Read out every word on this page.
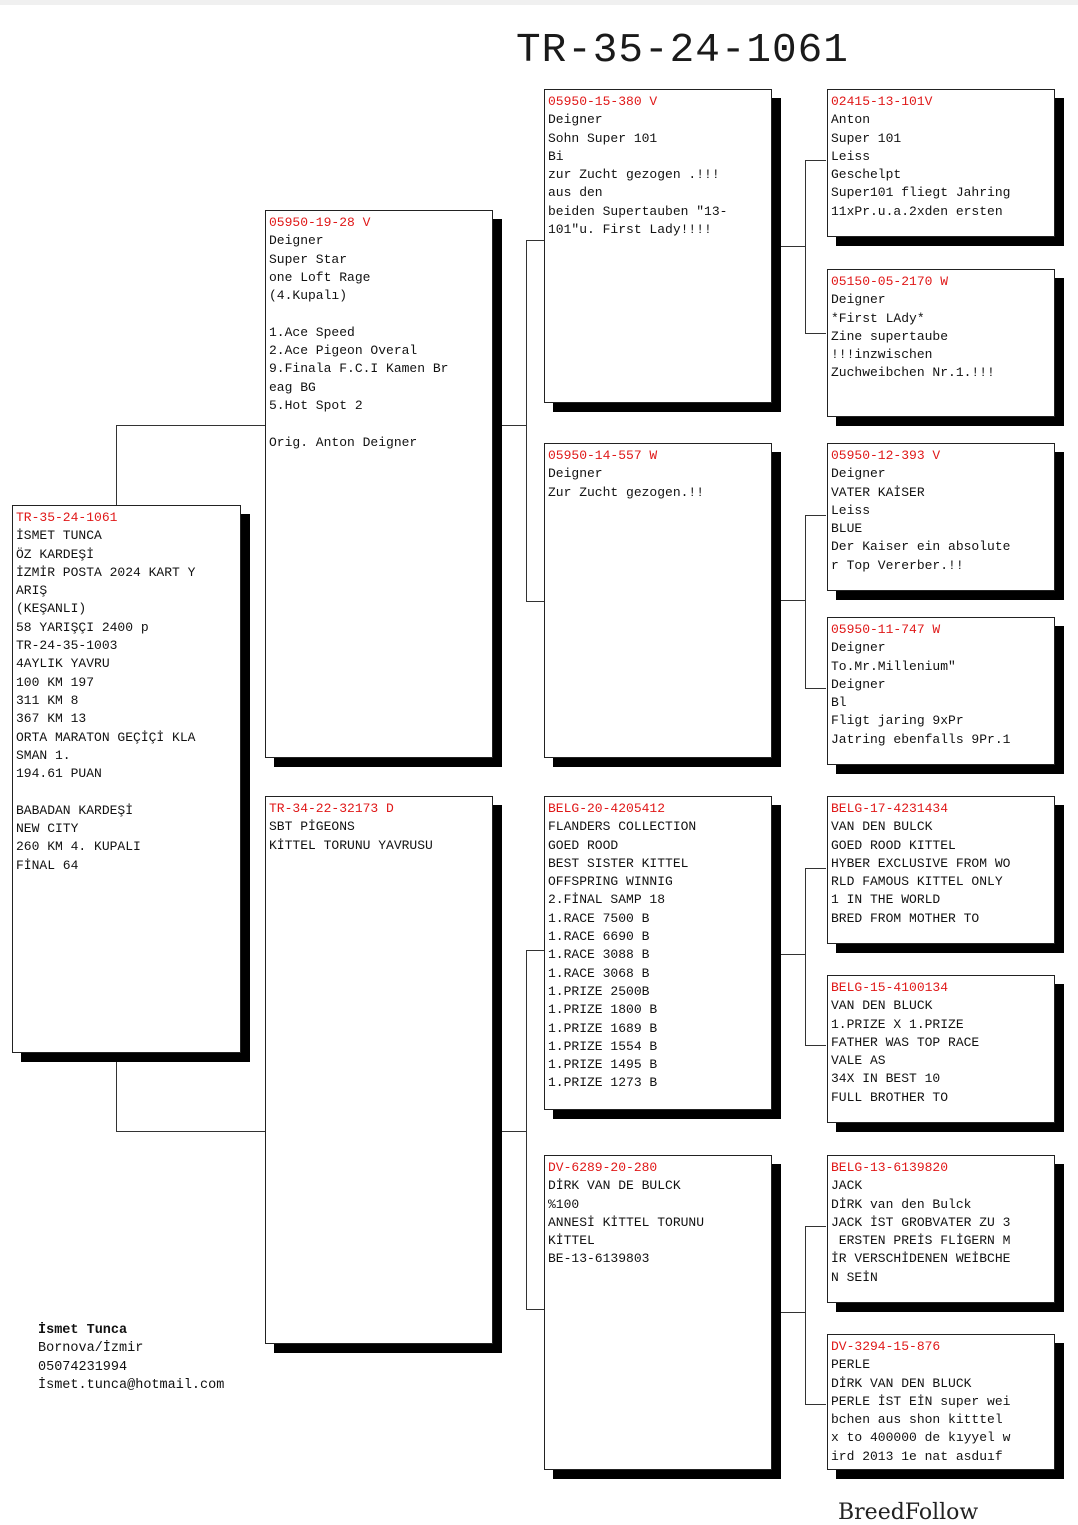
TR-35-24-1061
TR-35-24-1061
İSMET TUNCA
ÖZ KARDEŞİ
İZMİR POSTA 2024 KART Y
ARIŞ
(KEŞANLI)
58 YARIŞÇI 2400 p
TR-24-35-1003
4AYLIK YAVRU
100 KM 197
311 KM 8
367 KM 13
ORTA MARATON GEÇİÇİ KLA
SMAN 1.
194.61 PUAN
BABADAN KARDEŞİ
NEW CITY
260 KM 4. KUPALI
FİNAL 64
05950-19-28 V
Deigner
Super Star
one Loft Rage
(4.Kupalı)
1.Ace Speed
2.Ace Pigeon Overal
9.Finala F.C.I Kamen Br
eag BG
5.Hot Spot 2
Orig. Anton Deigner
TR-34-22-32173 D
SBT PİGEONS
KİTTEL TORUNU YAVRUSU
05950-15-380 V
Deigner
Sohn Super 101
Bi
zur Zucht gezogen .!!!
aus den
beiden Supertauben "13-
101"u. First Lady!!!!
05950-14-557 W
Deigner
Zur Zucht gezogen.!!
BELG-20-4205412
FLANDERS COLLECTION
GOED ROOD
BEST SISTER KITTEL
OFFSPRING WINNIG
2.FİNAL SAMP 18
1.RACE 7500 B
1.RACE 6690 B
1.RACE 3088 B
1.RACE 3068 B
1.PRIZE 2500B
1.PRIZE 1800 B
1.PRIZE 1689 B
1.PRIZE 1554 B
1.PRIZE 1495 B
1.PRIZE 1273 B
DV-6289-20-280
DİRK VAN DE BULCK
%100
ANNESİ KİTTEL TORUNU
KİTTEL
BE-13-6139803
02415-13-101V
Anton
Super 101
Leiss
Geschelpt
Super101 fliegt Jahring
11xPr.u.a.2xden ersten
05150-05-2170 W
Deigner
*First LAdy*
Zine supertaube
!!!inzwischen
Zuchweibchen Nr.1.!!!
05950-12-393 V
Deigner
VATER KAİSER
Leiss
BLUE
Der Kaiser ein absolute
r Top Vererber.!!
05950-11-747 W
Deigner
To.Mr.Millenium"
Deigner
Bl
Fligt jaring 9xPr
Jatring ebenfalls 9Pr.1
BELG-17-4231434
VAN DEN BULCK
GOED ROOD KITTEL
HYBER EXCLUSIVE FROM WO
RLD FAMOUS KITTEL ONLY
1 IN THE WORLD
BRED FROM MOTHER TO
BELG-15-4100134
VAN DEN BLUCK
1.PRIZE X 1.PRIZE
FATHER WAS TOP RACE
VALE AS
34X IN BEST 10
FULL BROTHER TO
BELG-13-6139820
JACK
DİRK van den Bulck
JACK İST GROBVATER ZU 3
ERSTEN PREİS FLİGERN M
İR VERSCHİDENEN WEİBCHE
N SEİN
DV-3294-15-876
PERLE
DİRK VAN DEN BLUCK
PERLE İST EİN super wei
bchen aus shon kitttel
x to 400000 de kıyyel w
ird 2013 1e nat asduıf
İsmet Tunca
Bornova/İzmir
05074231994
İsmet.tunca@hotmail.com
BreedFollow
